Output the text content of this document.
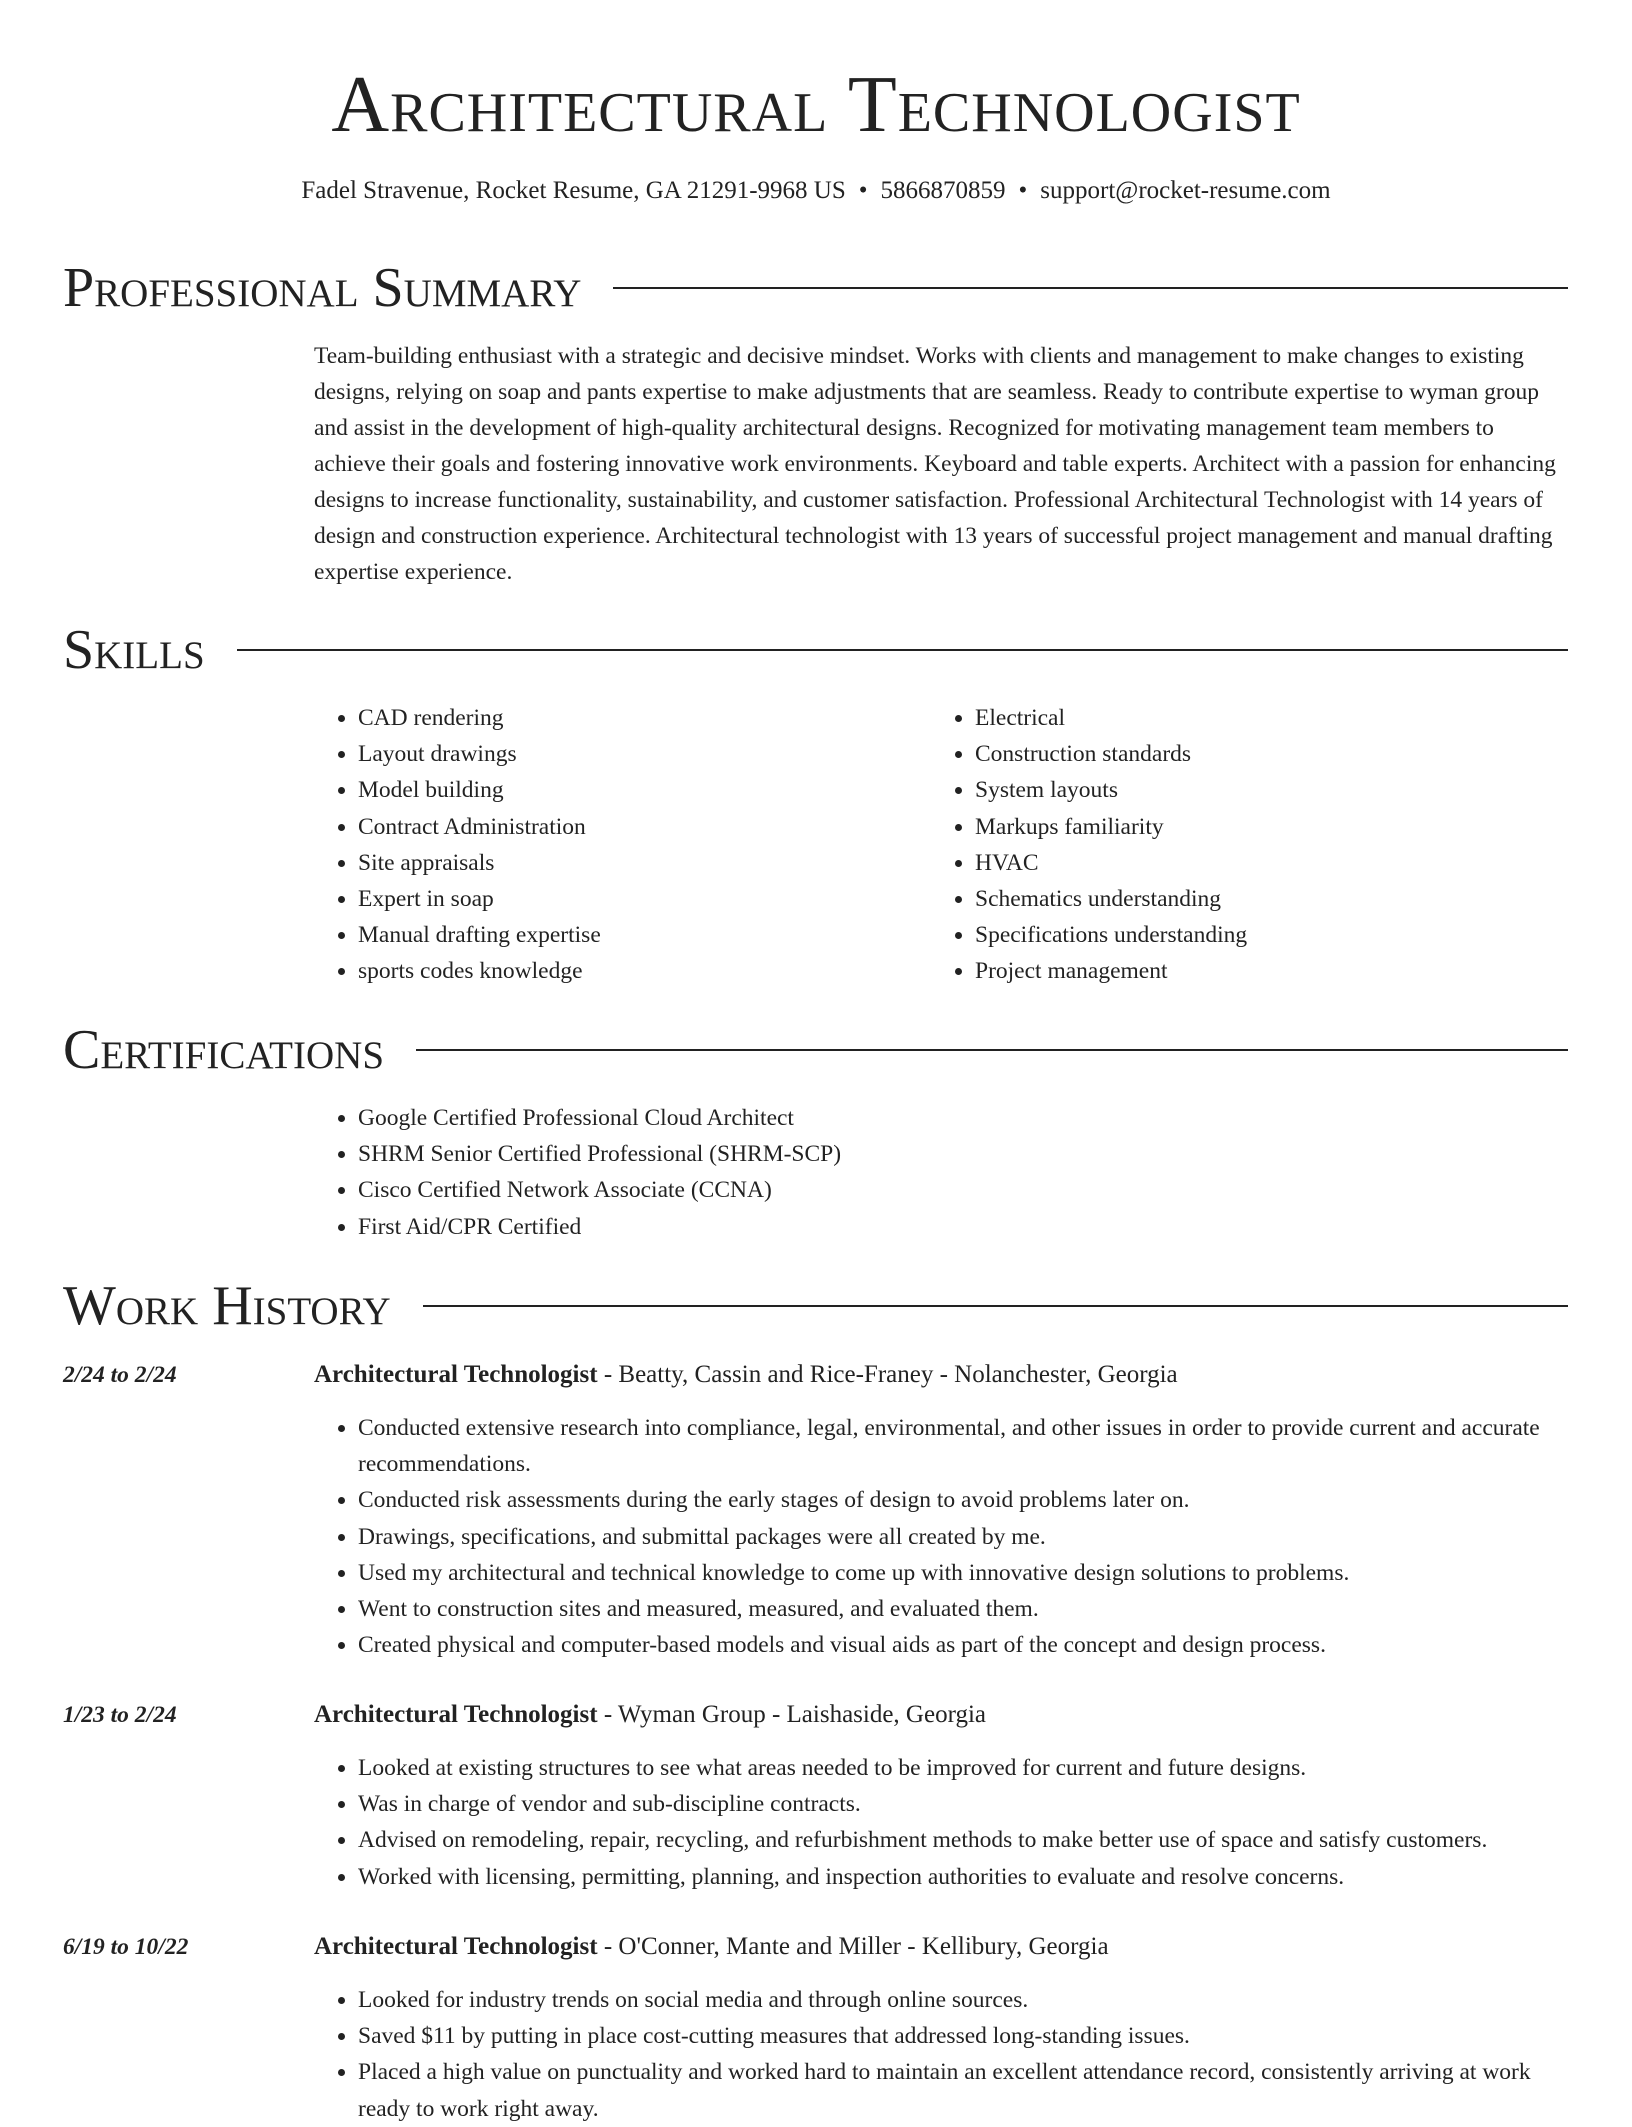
Architectural Technologist
Fadel Stravenue, Rocket Resume, GA 21291-9968 US • 5866870859 • support@rocket-resume.com
Professional Summary
Team-building enthusiast with a strategic and decisive mindset. Works with clients and management to make changes to existing designs, relying on soap and pants expertise to make adjustments that are seamless. Ready to contribute expertise to wyman group and assist in the development of high-quality architectural designs. Recognized for motivating management team members to achieve their goals and fostering innovative work environments. Keyboard and table experts. Architect with a passion for enhancing designs to increase functionality, sustainability, and customer satisfaction. Professional Architectural Technologist with 14 years of design and construction experience. Architectural technologist with 13 years of successful project management and manual drafting expertise experience.
Skills
• CAD rendering
• Layout drawings
• Model building
• Contract Administration
• Site appraisals
• Expert in soap
• Manual drafting expertise
• sports codes knowledge
• Electrical
• Construction standards
• System layouts
• Markups familiarity
• HVAC
• Schematics understanding
• Specifications understanding
• Project management
Certifications
• Google Certified Professional Cloud Architect
• SHRM Senior Certified Professional (SHRM-SCP)
• Cisco Certified Network Associate (CCNA)
• First Aid/CPR Certified
Work History
2/24 to 2/24	Architectural Technologist - Beatty, Cassin and Rice-Franey - Nolanchester, Georgia
• Conducted extensive research into compliance, legal, environmental, and other issues in order to provide current and accurate recommendations.
• Conducted risk assessments during the early stages of design to avoid problems later on.
• Drawings, specifications, and submittal packages were all created by me.
• Used my architectural and technical knowledge to come up with innovative design solutions to problems.
• Went to construction sites and measured, measured, and evaluated them.
• Created physical and computer-based models and visual aids as part of the concept and design process.
1/23 to 2/24	Architectural Technologist - Wyman Group - Laishaside, Georgia
• Looked at existing structures to see what areas needed to be improved for current and future designs.
• Was in charge of vendor and sub-discipline contracts.
• Advised on remodeling, repair, recycling, and refurbishment methods to make better use of space and satisfy customers.
• Worked with licensing, permitting, planning, and inspection authorities to evaluate and resolve concerns.
6/19 to 10/22	Architectural Technologist - O'Conner, Mante and Miller - Kellibury, Georgia
• Looked for industry trends on social media and through online sources.
• Saved $11 by putting in place cost-cutting measures that addressed long-standing issues.
• Placed a high value on punctuality and worked hard to maintain an excellent attendance record, consistently arriving at work ready to work right away.
